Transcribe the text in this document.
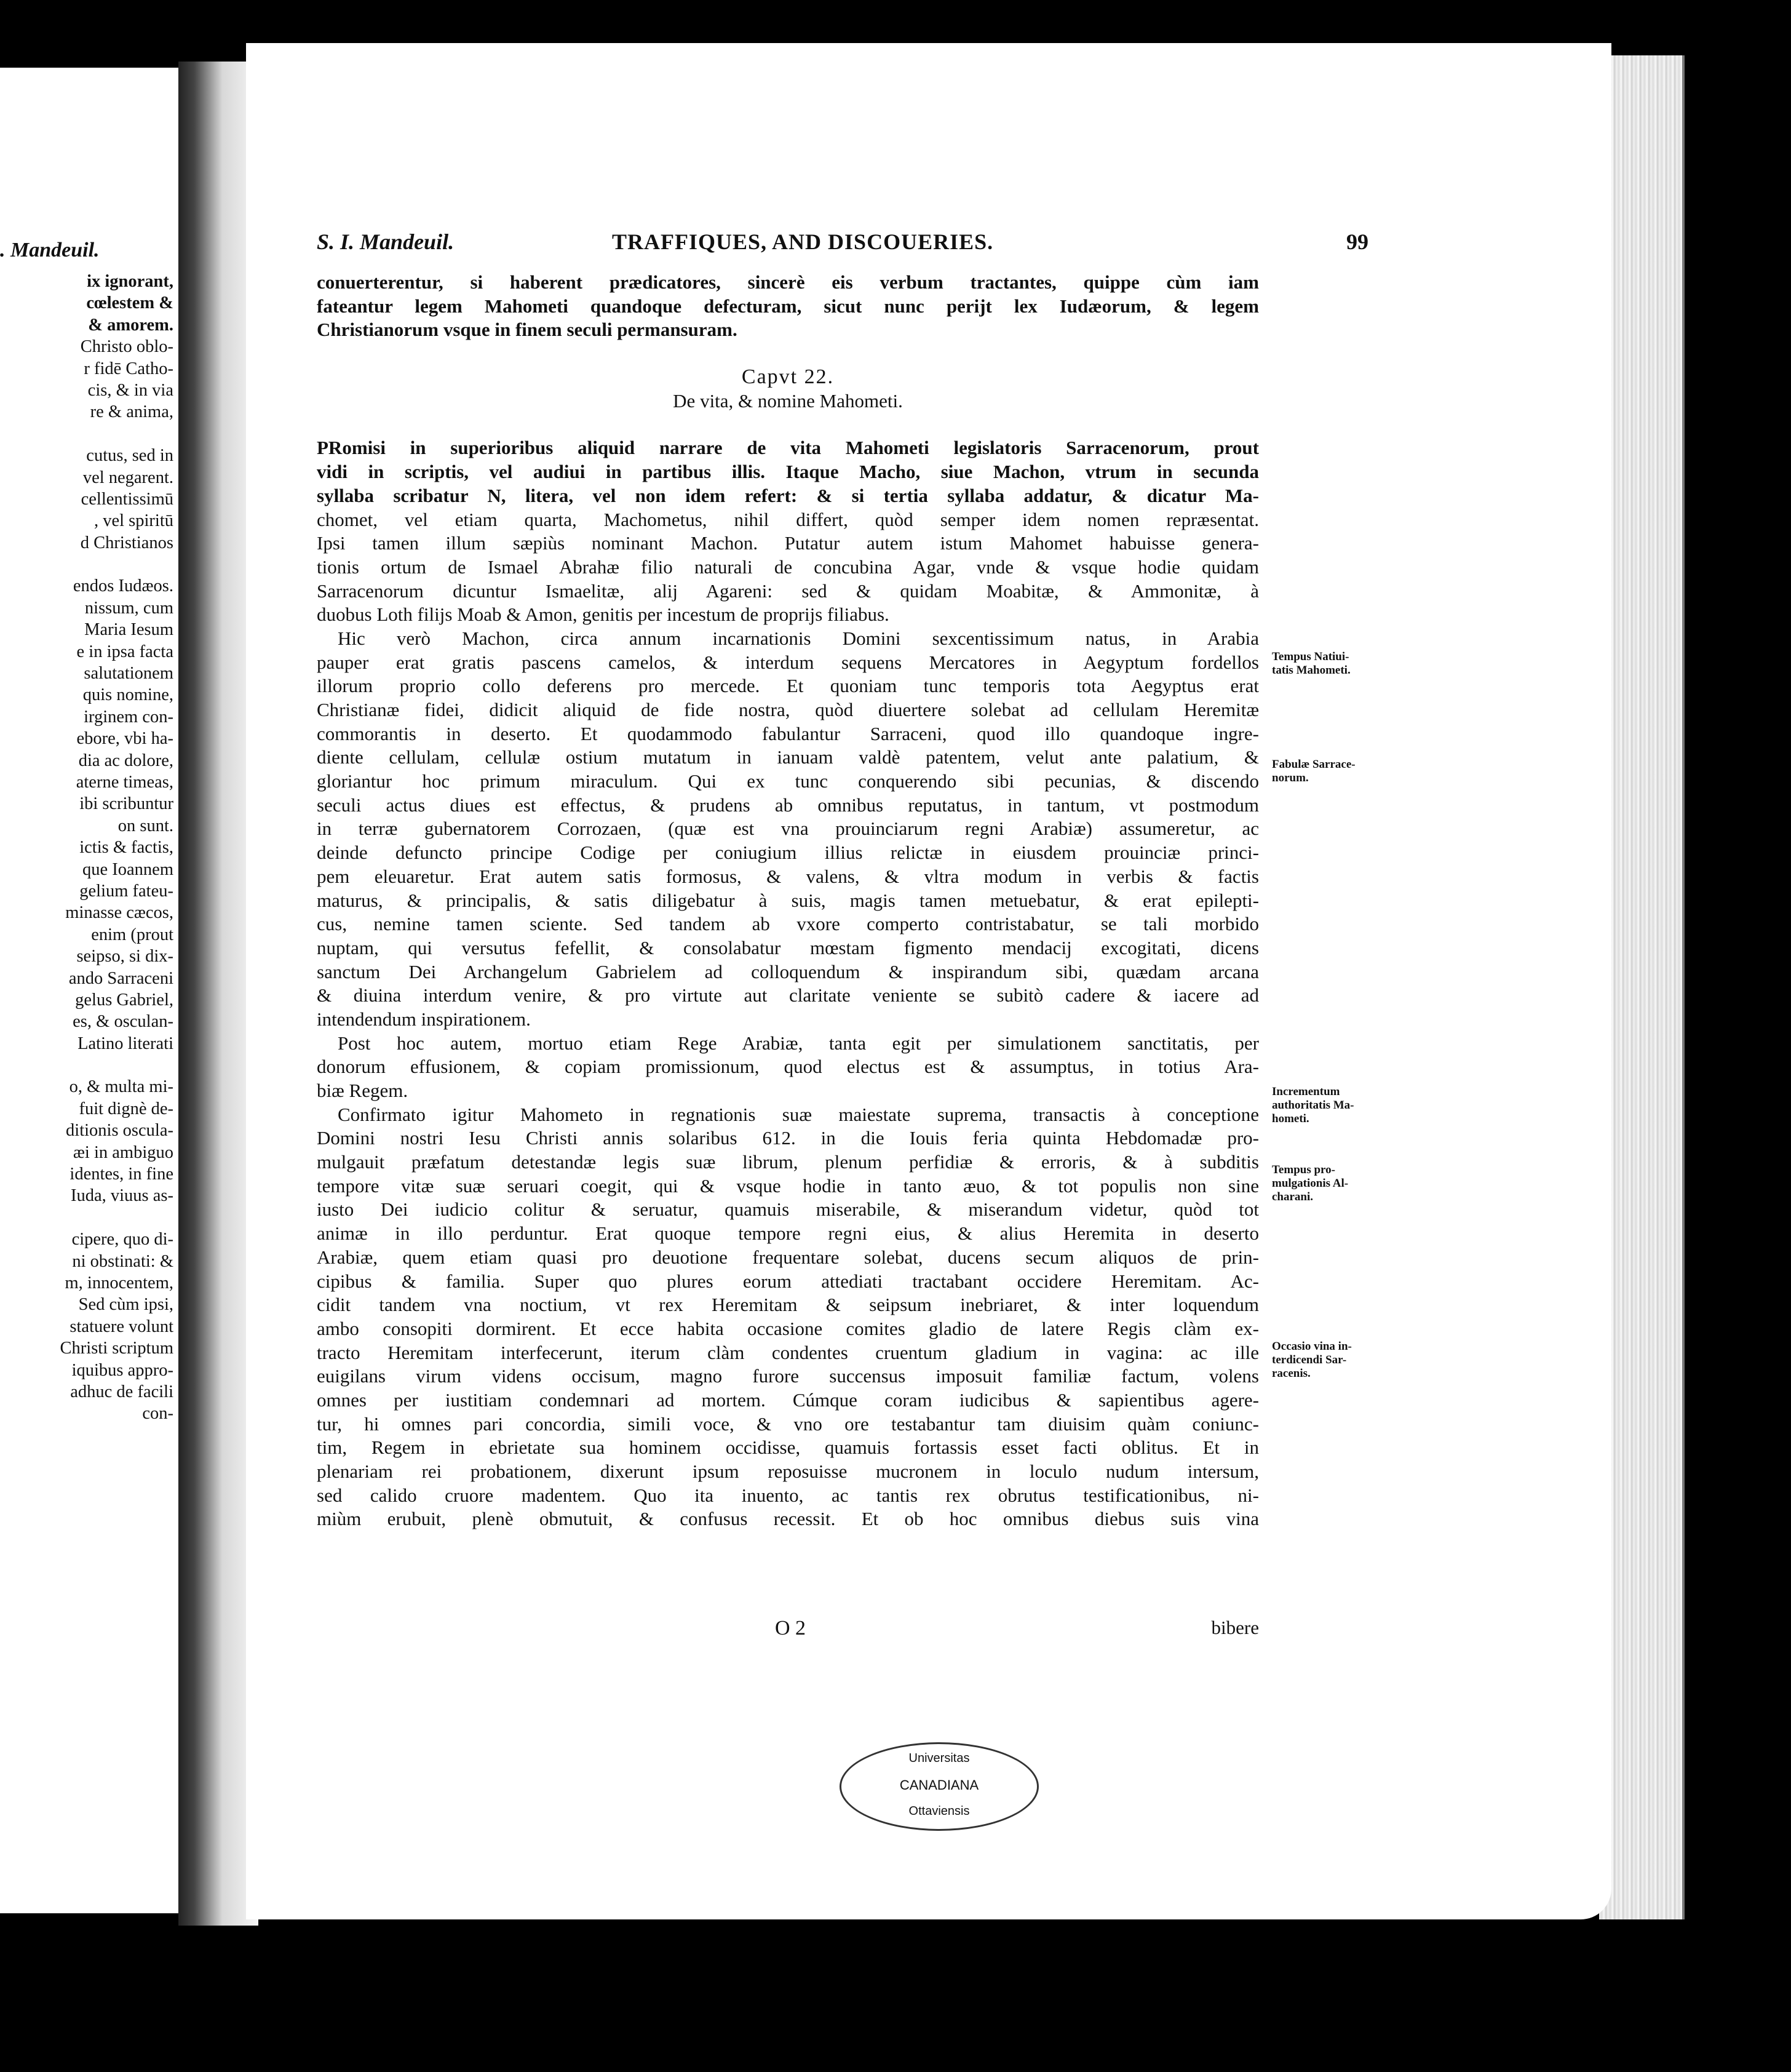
. Mandeuil.
ix ignorant,
cœlestem &
& amorem.
Christo oblo-
r fidē Catho-
cis, & in via
re & anima,
cutus, sed in
vel negarent.
cellentissimū
, vel spiritū
d Christianos
endos Iudæos.
nissum, cum
Maria Iesum
e in ipsa facta
salutationem
quis nomine,
irginem con-
ebore, vbi ha-
dia ac dolore,
aterne timeas,
ibi scribuntur
on sunt.
ictis & factis,
que Ioannem
gelium fateu-
minasse cæcos,
enim (prout
seipso, si dix-
ando Sarraceni
gelus Gabriel,
es, & osculan-
Latino literati
o, & multa mi-
fuit dignè de-
ditionis oscula-
æi in ambiguo
identes, in fine
Iuda, viuus as-
cipere, quo di-
ni obstinati: &
m, innocentem,
Sed cùm ipsi,
statuere volunt
Christi scriptum
iquibus appro-
adhuc de facili
con-
S. I. Mandeuil.	TRAFFIQUES, AND DISCOUERIES.	99
conuerterentur, si haberent prædicatores, sincerè eis verbum tractantes, quippe cùm iam
fateantur legem Mahometi quandoque defecturam, sicut nunc perijt lex Iudæorum, & legem
Christianorum vsque in finem seculi permansuram.
Capvt 22.
De vita, & nomine Mahometi.
PRomisi in superioribus aliquid narrare de vita Mahometi legislatoris Sarracenorum, prout
vidi in scriptis, vel audiui in partibus illis. Itaque Macho, siue Machon, vtrum in secunda
syllaba scribatur N, litera, vel non idem refert: & si tertia syllaba addatur, & dicatur Ma-
chomet, vel etiam quarta, Machometus, nihil differt, quòd semper idem nomen repræsentat.
Ipsi tamen illum sæpiùs nominant Machon. Putatur autem istum Mahomet habuisse genera-
tionis ortum de Ismael Abrahæ filio naturali de concubina Agar, vnde & vsque hodie quidam
Sarracenorum dicuntur Ismaelitæ, alij Agareni: sed & quidam Moabitæ, & Ammonitæ, à
duobus Loth filijs Moab & Amon, genitis per incestum de proprijs filiabus.
Hic verò Machon, circa annum incarnationis Domini sexcentissimum natus, in Arabia
pauper erat gratis pascens camelos, & interdum sequens Mercatores in Aegyptum fordellos
illorum proprio collo deferens pro mercede. Et quoniam tunc temporis tota Aegyptus erat
Christianæ fidei, didicit aliquid de fide nostra, quòd diuertere solebat ad cellulam Heremitæ
commorantis in deserto. Et quodammodo fabulantur Sarraceni, quod illo quandoque ingre-
diente cellulam, cellulæ ostium mutatum in ianuam valdè patentem, velut ante palatium, &
gloriantur hoc primum miraculum. Qui ex tunc conquerendo sibi pecunias, & discendo
seculi actus diues est effectus, & prudens ab omnibus reputatus, in tantum, vt postmodum
in terræ gubernatorem Corrozaen, (quæ est vna prouinciarum regni Arabiæ) assumeretur, ac
deinde defuncto principe Codige per coniugium illius relictæ in eiusdem prouinciæ princi-
pem eleuaretur. Erat autem satis formosus, & valens, & vltra modum in verbis & factis
maturus, & principalis, & satis diligebatur à suis, magis tamen metuebatur, & erat epilepti-
cus, nemine tamen sciente. Sed tandem ab vxore comperto contristabatur, se tali morbido
nuptam, qui versutus fefellit, & consolabatur mœstam figmento mendacij excogitati, dicens
sanctum Dei Archangelum Gabrielem ad colloquendum & inspirandum sibi, quædam arcana
& diuina interdum venire, & pro virtute aut claritate veniente se subitò cadere & iacere ad
intendendum inspirationem.
Post hoc autem, mortuo etiam Rege Arabiæ, tanta egit per simulationem sanctitatis, per
donorum effusionem, & copiam promissionum, quod electus est & assumptus, in totius Ara-
biæ Regem.
Confirmato igitur Mahometo in regnationis suæ maiestate suprema, transactis à conceptione
Domini nostri Iesu Christi annis solaribus 612. in die Iouis feria quinta Hebdomadæ pro-
mulgauit præfatum detestandæ legis suæ librum, plenum perfidiæ & erroris, & à subditis
tempore vitæ suæ seruari coegit, qui & vsque hodie in tanto æuo, & tot populis non sine
iusto Dei iudicio colitur & seruatur, quamuis miserabile, & miserandum videtur, quòd tot
animæ in illo perduntur. Erat quoque tempore regni eius, & alius Heremita in deserto
Arabiæ, quem etiam quasi pro deuotione frequentare solebat, ducens secum aliquos de prin-
cipibus & familia. Super quo plures eorum attediati tractabant occidere Heremitam. Ac-
cidit tandem vna noctium, vt rex Heremitam & seipsum inebriaret, & inter loquendum
ambo consopiti dormirent. Et ecce habita occasione comites gladio de latere Regis clàm ex-
tracto Heremitam interfecerunt, iterum clàm condentes cruentum gladium in vagina: ac ille
euigilans virum videns occisum, magno furore succensus imposuit familiæ factum, volens
omnes per iustitiam condemnari ad mortem. Cúmque coram iudicibus & sapientibus agere-
tur, hi omnes pari concordia, simili voce, & vno ore testabantur tam diuisim quàm coniunc-
tim, Regem in ebrietate sua hominem occidisse, quamuis fortassis esset facti oblitus. Et in
plenariam rei probationem, dixerunt ipsum reposuisse mucronem in loculo nudum intersum,
sed calido cruore madentem. Quo ita inuento, ac tantis rex obrutus testificationibus, ni-
miùm erubuit, plenè obmutuit, & confusus recessit. Et ob hoc omnibus diebus suis vina
Tempus Natiui-
tatis Mahometi.
Fabulæ Sarrace-
norum.
Incrementum
authoritatis Ma-
hometi.
Tempus pro-
mulgationis Al-
charani.
Occasio vina in-
terdicendi Sar-
racenis.
O 2	bibere
Universitas
CANADIANA
Ottaviensis
